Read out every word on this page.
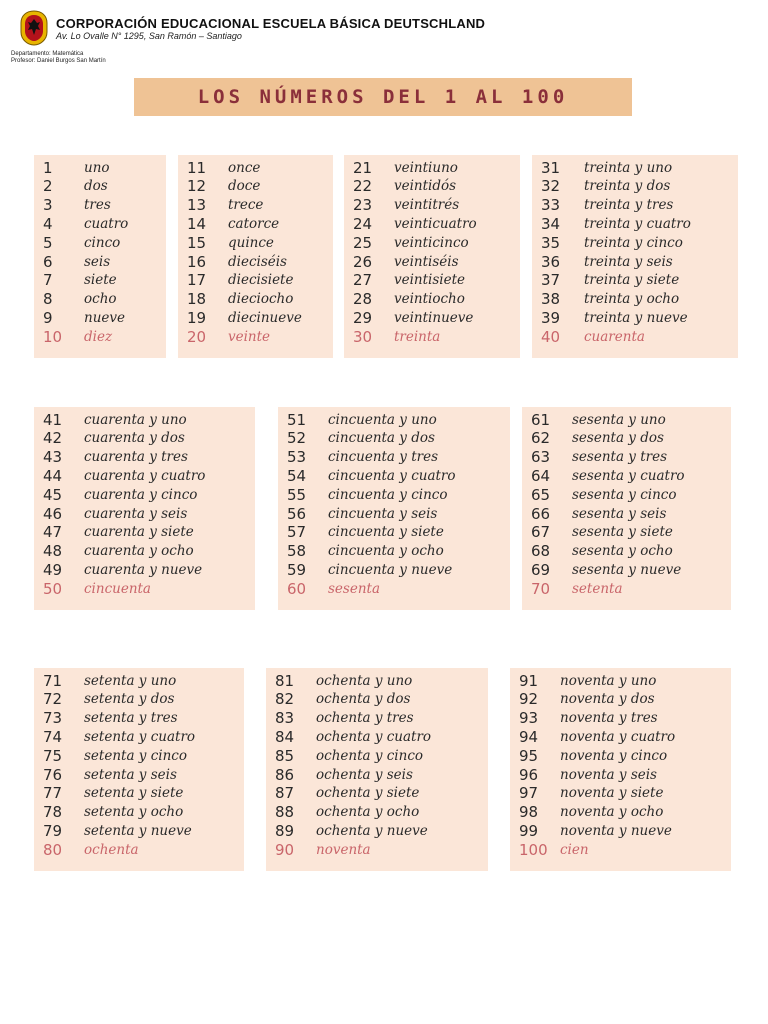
CORPORACIÓN EDUCACIONAL ESCUELA BÁSICA DEUTSCHLAND
Av. Lo Ovalle N° 1295, San Ramón – Santiago
Departamento: Matemática
Profesor: Daniel Burgos San Martín
LOS NÚMEROS DEL 1 AL 100
1 uno
2 dos
3 tres
4 cuatro
5 cinco
6 seis
7 siete
8 ocho
9 nueve
10 diez
11 once
12 doce
13 trece
14 catorce
15 quince
16 dieciséis
17 diecisiete
18 dieciocho
19 diecinueve
20 veinte
21 veintiuno
22 veintidós
23 veintitrés
24 veinticuatro
25 veinticinco
26 veintiséis
27 veintisiete
28 veintiocho
29 veintinueve
30 treinta
31 treinta y uno
32 treinta y dos
33 treinta y tres
34 treinta y cuatro
35 treinta y cinco
36 treinta y seis
37 treinta y siete
38 treinta y ocho
39 treinta y nueve
40 cuarenta
41 cuarenta y uno
42 cuarenta y dos
43 cuarenta y tres
44 cuarenta y cuatro
45 cuarenta y cinco
46 cuarenta y seis
47 cuarenta y siete
48 cuarenta y ocho
49 cuarenta y nueve
50 cincuenta
51 cincuenta y uno
52 cincuenta y dos
53 cincuenta y tres
54 cincuenta y cuatro
55 cincuenta y cinco
56 cincuenta y seis
57 cincuenta y siete
58 cincuenta y ocho
59 cincuenta y nueve
60 sesenta
61 sesenta y uno
62 sesenta y dos
63 sesenta y tres
64 sesenta y cuatro
65 sesenta y cinco
66 sesenta y seis
67 sesenta y siete
68 sesenta y ocho
69 sesenta y nueve
70 setenta
71 setenta y uno
72 setenta y dos
73 setenta y tres
74 setenta y cuatro
75 setenta y cinco
76 setenta y seis
77 setenta y siete
78 setenta y ocho
79 setenta y nueve
80 ochenta
81 ochenta y uno
82 ochenta y dos
83 ochenta y tres
84 ochenta y cuatro
85 ochenta y cinco
86 ochenta y seis
87 ochenta y siete
88 ochenta y ocho
89 ochenta y nueve
90 noventa
91 noventa y uno
92 noventa y dos
93 noventa y tres
94 noventa y cuatro
95 noventa y cinco
96 noventa y seis
97 noventa y siete
98 noventa y ocho
99 noventa y nueve
100 cien
